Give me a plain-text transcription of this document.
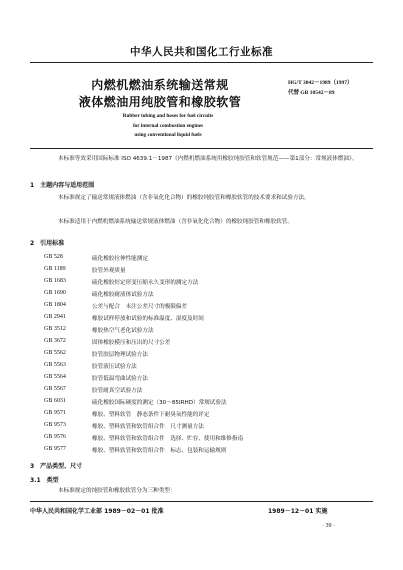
中华人民共和国化工行业标准
内燃机燃油系统输送常规
液体燃油用纯胶管和橡胶软管
HG/T 3042－1989（1997）
代替 GB 10542－89
Rubber tubing and hoses for fuel circuits
for internal combustion engines
using conventional liquid fuels
本标准等效采用国际标准 ISO 4639.1－1987《内燃机燃油系统用橡胶纯胶管和软管规范——第1部分：常规液体燃油》。
1　主题内容与适用范围
本标准规定了输送常规液体燃油（含非氧化化合物）的橡胶纯胶管和橡胶软管的技术要求和试验方法。
本标准适用于内燃机燃油系统输送常规液体燃油（含非氧化化合物）的橡胶纯胶管和橡胶软管。
2　引用标准
GB 528	硫化橡胶拉伸性能测定
GB 1189	胶管外观质量
GB 1683	硫化橡胶恒定形变压缩永久变形的测定方法
GB 1690	硫化橡胶耐液体试验方法
GB 1804	公差与配合　未注公差尺寸的极限偏差
GB 2941	橡胶试样停放和试验的标准温度、湿度及时间
GB 3512	橡胶热空气老化试验方法
GB 3672	固体橡胶模压和压出的尺寸公差
GB 5562	胶管胶层物理试验方法
GB 5563	胶管液压试验方法
GB 5564	胶管低温弯曲试验方法
GB 5567	胶管耐真空试验方法
GB 6031	硫化橡胶国际硬度的测定（30～85IRHD）常规试验法
GB 9571	橡胶、塑料软管　静态条件下耐臭氧性能的评定
GB 9573	橡胶、塑料软管和软管组合件　尺寸测量方法
GB 9576	橡胶、塑料软管和软管组合件　选择、贮存、使用和维修指南
GB 9577	橡胶、塑料软管和软管组合件　标志、包装和运输规则
3　产品类型、尺寸
3.1　类型
本标准规定的纯胶管和橡胶软管分为三种类型：
中华人民共和国化学工业部 1989－02－01 批准	1989－12－01 实施
· 39 ·
